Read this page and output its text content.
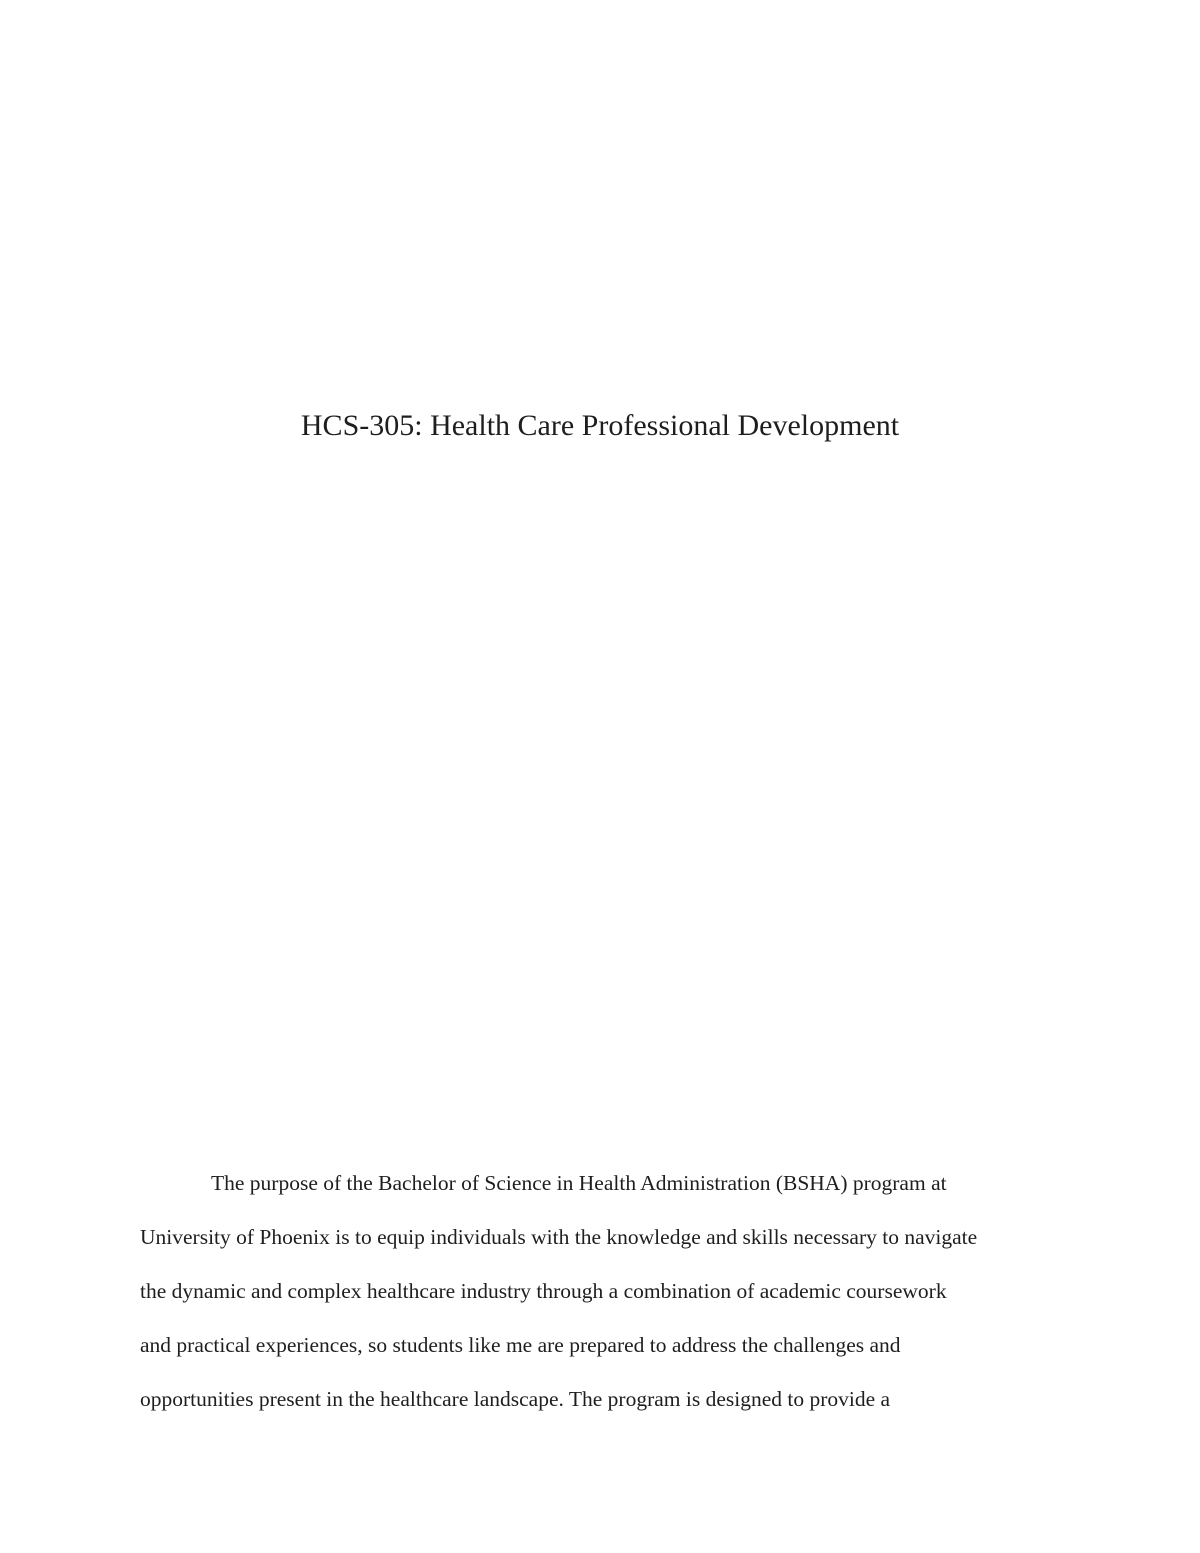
HCS-305: Health Care Professional Development
The purpose of the Bachelor of Science in Health Administration (BSHA) program at
University of Phoenix is to equip individuals with the knowledge and skills necessary to navigate
the dynamic and complex healthcare industry through a combination of academic coursework
and practical experiences, so students like me are prepared to address the challenges and
opportunities present in the healthcare landscape. The program is designed to provide a
